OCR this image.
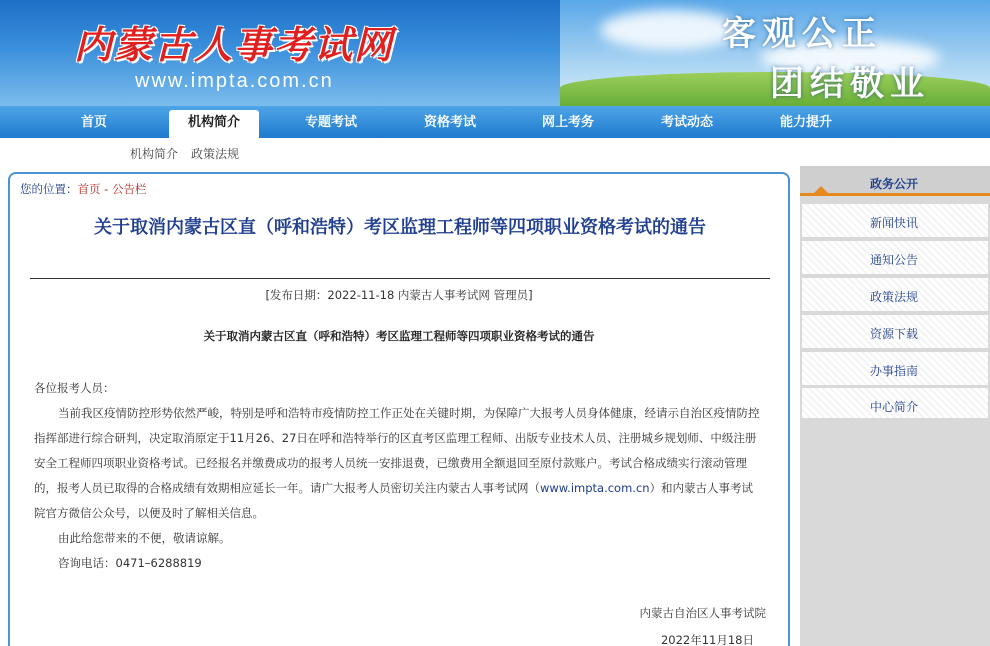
内蒙古人事考试网
www.impta.com.cn
客观公正
团结敬业
首页	机构简介	专题考试	资格考试	网上考务	考试动态	能力提升
机构简介 政策法规
您的位置：首页 - 公告栏
关于取消内蒙古区直（呼和浩特）考区监理工程师等四项职业资格考试的通告
[发布日期：2022-11-18 内蒙古人事考试网 管理员]
关于取消内蒙古区直（呼和浩特）考区监理工程师等四项职业资格考试的通告

各位报考人员：

当前我区疫情防控形势依然严峻，特别是呼和浩特市疫情防控工作正处在关键时期，为保障广大报考人员身体健康，经请示自治区疫情防控指挥部进行综合研判，决定取消原定于11月26、27日在呼和浩特举行的区直考区监理工程师、出版专业技术人员、注册城乡规划师、中级注册安全工程师四项职业资格考试。已经报名并缴费成功的报考人员统一安排退费，已缴费用全额退回至原付款账户。考试合格成绩实行滚动管理的，报考人员已取得的合格成绩有效期相应延长一年。请广大报考人员密切关注内蒙古人事考试网（www.impta.com.cn）和内蒙古人事考试院官方微信公众号，以便及时了解相关信息。

由此给您带来的不便，敬请谅解。

咨询电话：0471–6288819

内蒙古自治区人事考试院
2022年11月18日
政务公开
新闻快讯
通知公告
政策法规
资源下载
办事指南
中心简介
